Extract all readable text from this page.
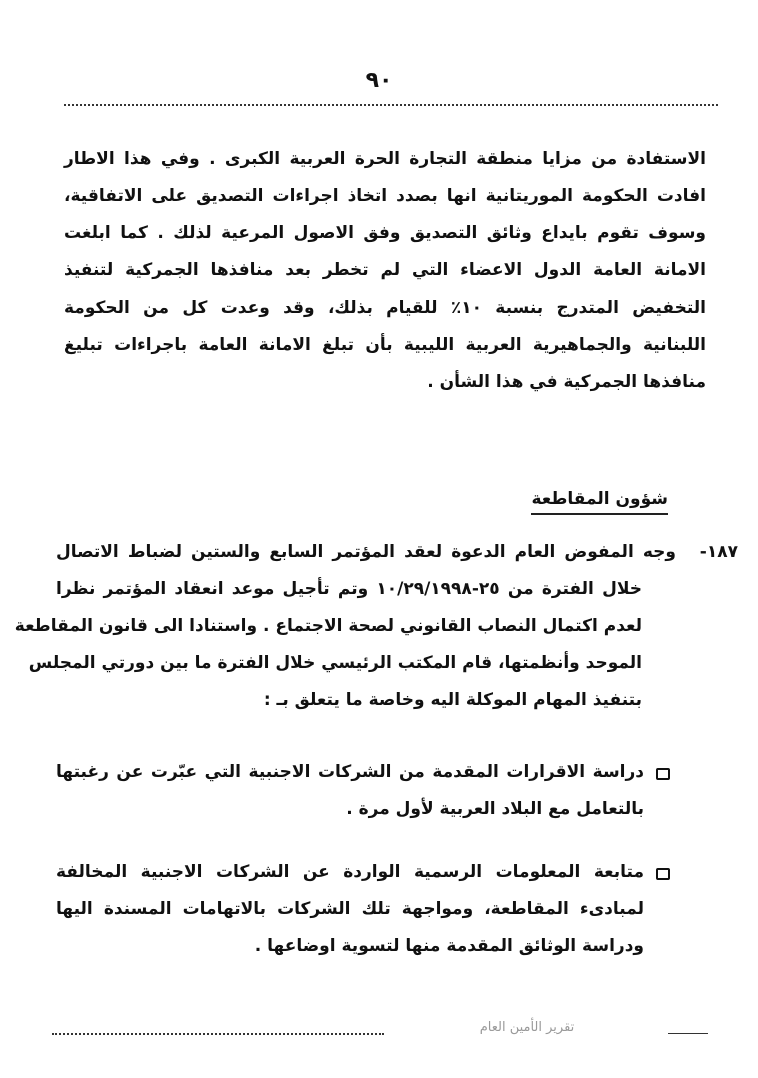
٩٠
الاستفادة من مزايا منطقة التجارة الحرة العربية الكبرى . وفي هذا الاطار
افادت الحكومة الموريتانية انها بصدد اتخاذ اجراءات التصديق على الاتفاقية،
وسوف تقوم بايداع وثائق التصديق وفق الاصول المرعية لذلك . كما ابلغت
الامانة العامة الدول الاعضاء التي لم تخطر بعد منافذها الجمركية لتنفيذ
التخفيض المتدرج بنسبة ١٠٪ للقيام بذلك، وقد وعدت كل من الحكومة
اللبنانية والجماهيرية العربية الليبية بأن تبلغ الامانة العامة باجراءات تبليغ
منافذها الجمركية في هذا الشأن .
شؤون المقاطعة
١٨٧-
وجه المفوض العام الدعوة لعقد المؤتمر السابع والستين لضباط الاتصال
خلال الفترة من ٢٥-١٠/٢٩/١٩٩٨ وتم تأجيل موعد انعقاد المؤتمر نظرا
لعدم اكتمال النصاب القانوني لصحة الاجتماع . واستنادا الى قانون المقاطعة
الموحد وأنظمتها، قام المكتب الرئيسي خلال الفترة ما بين دورتي المجلس
بتنفيذ المهام الموكلة اليه وخاصة ما يتعلق بـ :
دراسة الاقرارات المقدمة من الشركات الاجنبية التي عبّرت عن رغبتها
بالتعامل مع البلاد العربية لأول مرة .
متابعة المعلومات الرسمية الواردة عن الشركات الاجنبية المخالفة
لمبادىء المقاطعة، ومواجهة تلك الشركات بالاتهامات المسندة اليها
ودراسة الوثائق المقدمة منها لتسوية اوضاعها .
تقرير الأمين العام
